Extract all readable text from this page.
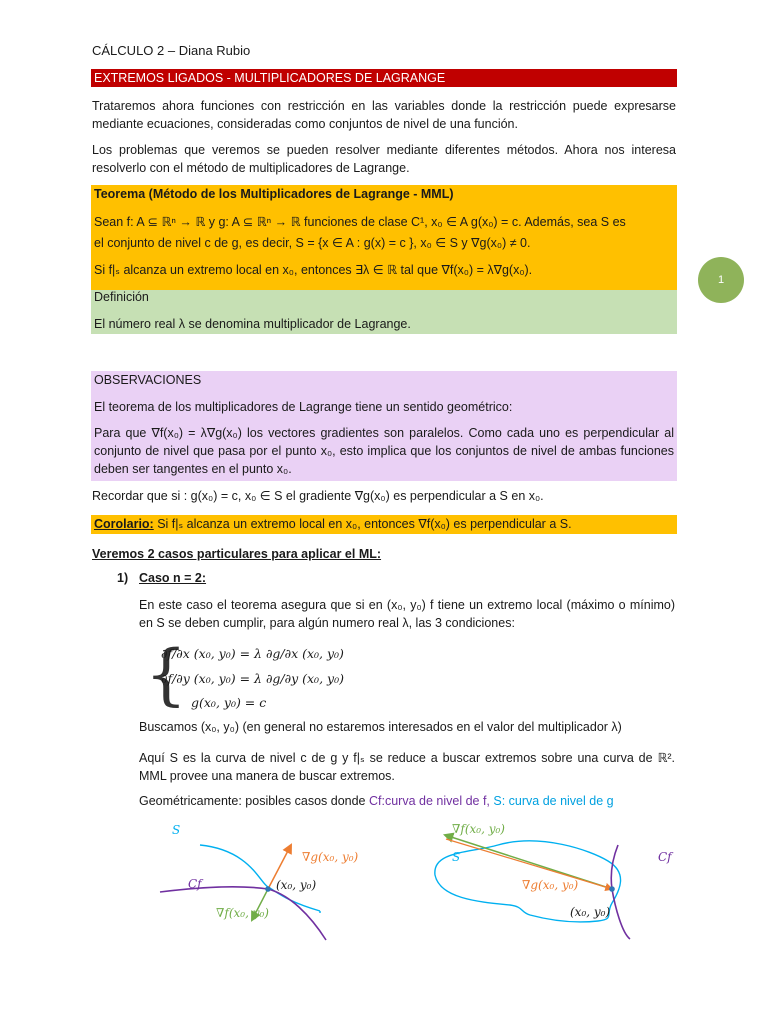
CÁLCULO 2 – Diana Rubio
EXTREMOS LIGADOS - MULTIPLICADORES DE LAGRANGE
Trataremos ahora funciones con restricción en las variables donde la restricción puede expresarse mediante ecuaciones, consideradas como conjuntos de nivel de una función.
Los problemas que veremos se pueden resolver mediante diferentes métodos. Ahora nos interesa resolverlo con el método de multiplicadores de Lagrange.
Teorema (Método de los Multiplicadores de Lagrange - MML)
Sean f: A ⊆ ℝⁿ → ℝ y g: A ⊆ ℝⁿ → ℝ funciones de clase C¹, x₀ ∈ A g(x₀) = c. Además, sea S es
el conjunto de nivel c de g, es decir, S = {x ∈ A : g(x) = c }, x₀ ∈ S y ∇g(x₀) ≠ 0.
Si f|ₛ alcanza un extremo local en x₀, entonces ∃λ ∈ ℝ tal que ∇f(x₀) = λ∇g(x₀).
Definición
El número real λ se denomina multiplicador de Lagrange.
1
OBSERVACIONES
El teorema de los multiplicadores de Lagrange tiene un sentido geométrico:
Para que ∇f(x₀) = λ∇g(x₀) los vectores gradientes son paralelos. Como cada uno es perpendicular al conjunto de nivel que pasa por el punto x₀, esto implica que los conjuntos de nivel de ambas funciones deben ser tangentes en el punto x₀.
Recordar que si : g(x₀) = c, x₀ ∈ S el gradiente ∇g(x₀) es perpendicular a S en x₀.
Corolario: Si f|ₛ alcanza un extremo local en x₀, entonces ∇f(x₀) es perpendicular a S.
Veremos 2 casos particulares para aplicar el ML:
1) Caso n = 2:
En este caso el teorema asegura que si en (x₀, y₀) f tiene un extremo local (máximo o mínimo) en S se deben cumplir, para algún numero real λ, las 3 condiciones:
{
∂f/∂x (x₀, y₀) = λ ∂g/∂x (x₀, y₀)
∂f/∂y (x₀, y₀) = λ ∂g/∂y (x₀, y₀)
g(x₀, y₀) = c
Buscamos (x₀, y₀) (en general no estaremos interesados en el valor del multiplicador λ)
Aquí S es la curva de nivel c de g y f|ₛ se reduce a buscar extremos sobre una curva de ℝ². MML provee una manera de buscar extremos.
Geométricamente: posibles casos donde Cf:curva de nivel de f, S: curva de nivel de g
S
Cf
∇g(x₀, y₀)
(x₀, y₀)
∇f(x₀, y₀)
∇f(x₀, y₀)
S	Cf
∇g(x₀, y₀)
(x₀, y₀)
